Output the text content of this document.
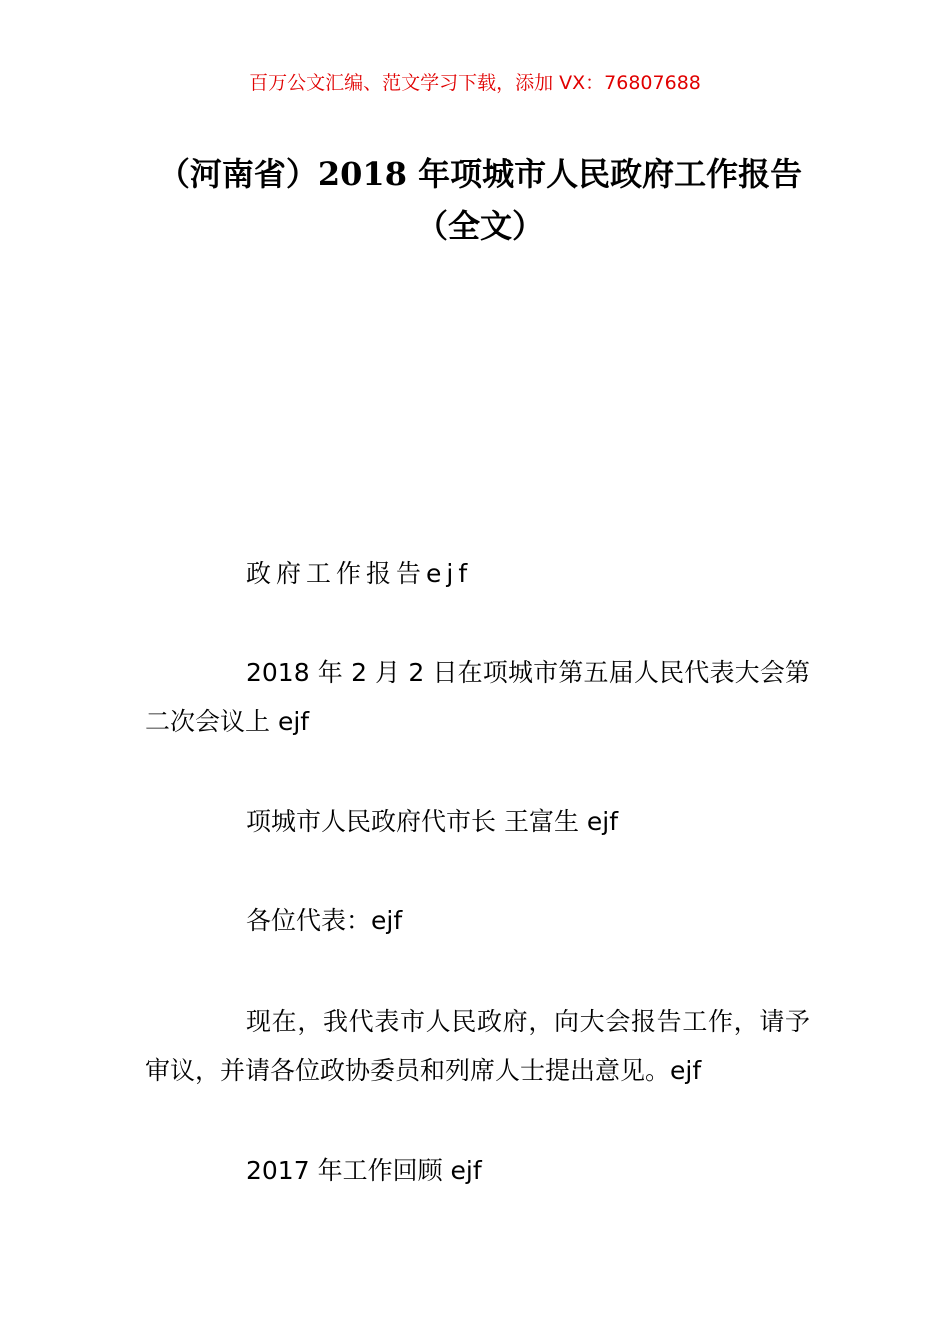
百万公文汇编、范文学习下载，添加 VX：76807688
（河南省）2018 年项城市人民政府工作报告（全文）

政府工作报告ejf

2018 年 2 月 2 日在项城市第五届人民代表大会第二次会议上 ejf

项城市人民政府代市长 王富生 ejf

各位代表：ejf

现在，我代表市人民政府，向大会报告工作，请予审议，并请各位政协委员和列席人士提出意见。ejf

2017 年工作回顾 ejf
